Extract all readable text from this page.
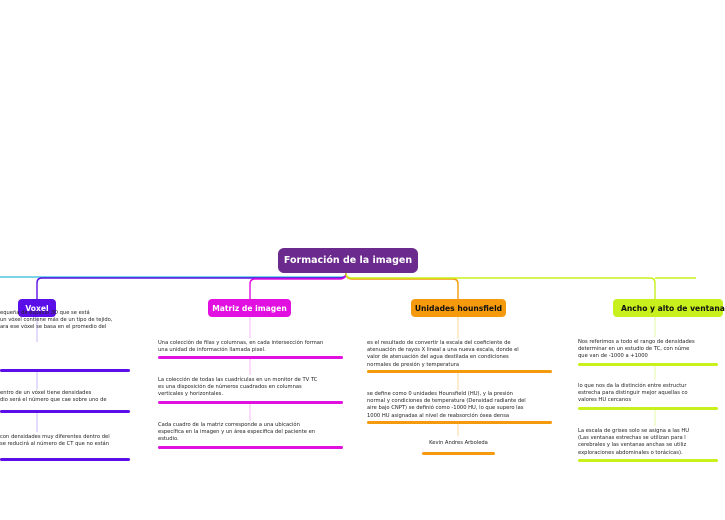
Formación de la imagen
Voxel	Matriz de imagen	Unidades hounsfield	Ancho y alto de ventana
equeña de espacio 3D que se está
un vóxel contiene más de un tipo de tejido,
ara ese vóxel se basa en el promedio del
entro de un vóxel tiene densidades
dio será el número que cae sobre uno de
con densidades muy diferentes dentro del
se reducirá al número de CT que no están
Una colección de filas y columnas, en cada intersección forman
una unidad de información llamada pixel.
La colección de todas las cuadrículas en un monitor de TV TC
es una disposición de números cuadrados en columnas
verticales y horizontales.
Cada cuadro de la matriz corresponde a una ubicación
específica en la imagen y un área especifica del paciente en
estudio.
es el resultado de convertir la escala del coeficiente de
atenuación de rayos X lineal a una nueva escala, donde el
valor de atenuación del agua destilada en condiciones
normales de presión y temperatura
se define como 0 unidades Hounsfield (HU), y la presión
normal y condiciones de temperatura (Densidad radiante del
aire bajo CNPT) se definió como -1000 HU, lo que supero las
1000 HU asignadas al nivel de reabsorción ósea densa
Kevin Andres Arboleda
Nos referimos a todo el rango de densidades
determinar en un estudio de TC, con núme
que van de -1000 a +1000
lo que nos da la distinción entre estructur
estrecha para distinguir mejor aquellas co
valores HU cercanos
La escala de grises solo se asigna a las HU
(Las ventanas estrechas se utilizan para l
cerebrales y las ventanas anchas se utiliz
exploraciones abdominales o torácicas).
